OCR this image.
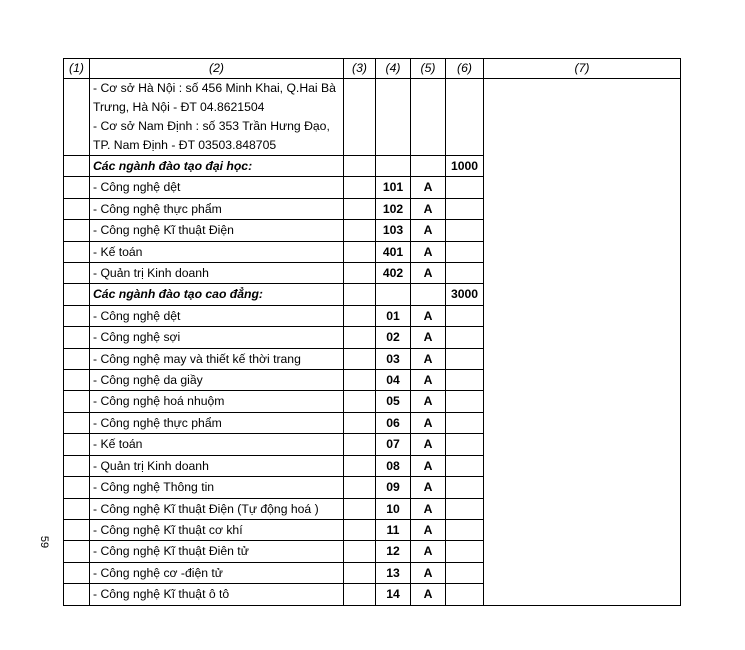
(1)	(2)	(3)	(4)	(5)	(6)	(7)
	- Cơ sở Hà Nội : số 456 Minh Khai, Q.Hai Bà					
	Trưng, Hà Nội - ĐT 04.8621504					
	- Cơ sở Nam Định : số 353 Trần Hưng Đạo,					
	TP. Nam Định - ĐT 03503.848705					
	Các ngành đào tạo đại học:				1000	
	- Công nghệ dệt		101	A		
	- Công nghệ thực phẩm		102	A		
	- Công nghệ Kĩ thuật Điện		103	A		
	- Kế toán		401	A		
	- Quản trị Kinh doanh		402	A		
	Các ngành đào tạo cao đẳng:				3000	
	- Công nghệ dệt		01	A		
	- Công nghệ sợi		02	A		
	- Công nghệ may và thiết kế thời trang		03	A		
	- Công nghệ da giầy		04	A		
	- Công nghệ hoá nhuộm		05	A		
	- Công nghệ thực phẩm		06	A		
	- Kế toán		07	A		
	- Quản trị Kinh doanh		08	A		
	- Công nghệ Thông tin		09	A		
	- Công nghệ Kĩ thuật Điện (Tự động hoá )		10	A		
	- Công nghệ Kĩ thuật cơ khí		11	A		
	- Công nghệ Kĩ thuật Điên tử		12	A		
	- Công nghệ cơ -điện tử		13	A		
	- Công nghệ Kĩ thuật ô tô		14	A		
59
